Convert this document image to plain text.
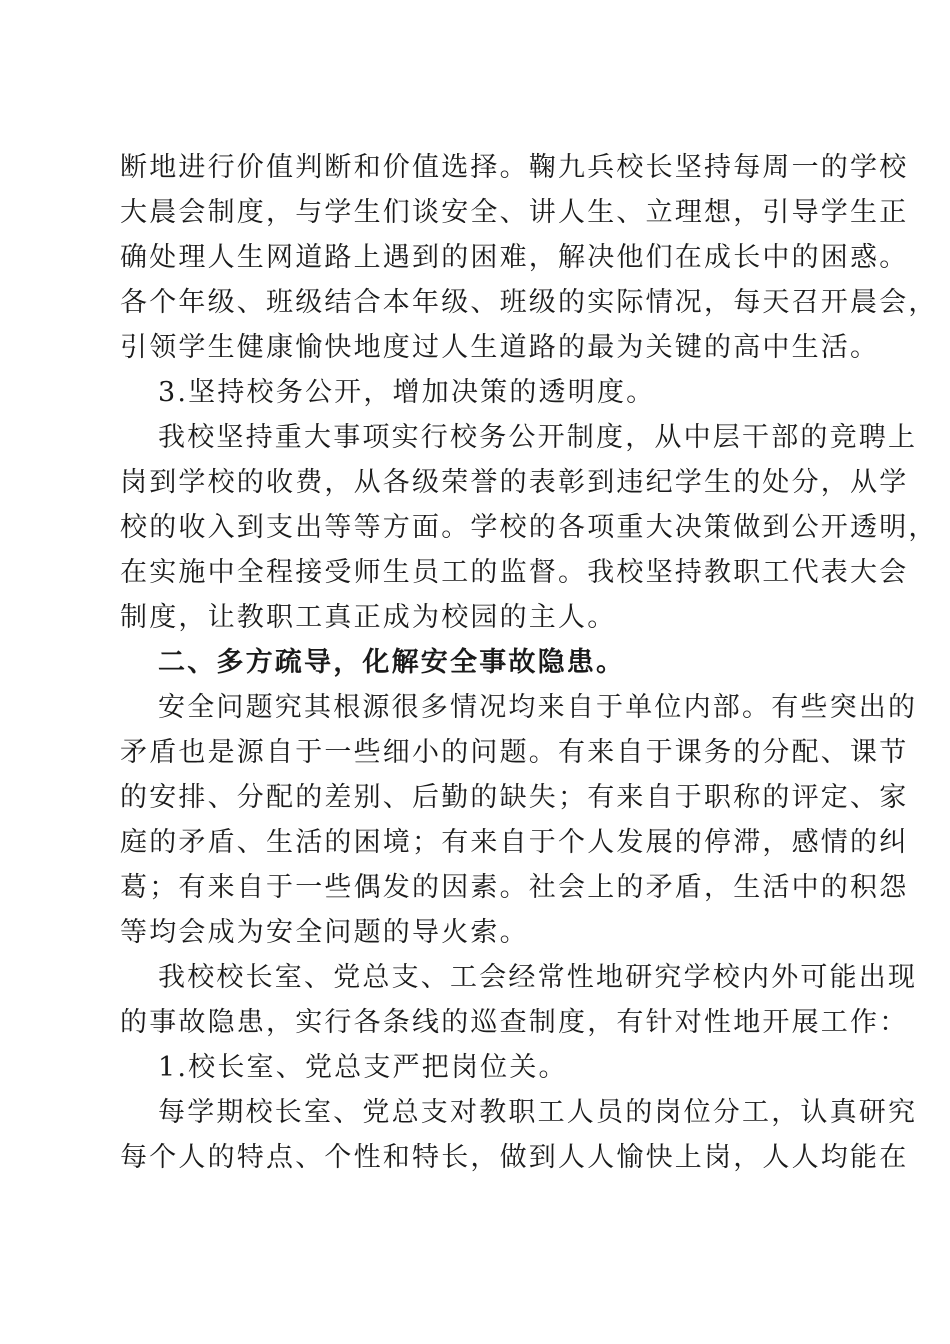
断地进行价值判断和价值选择。鞠九兵校长坚持每周一的学校
大晨会制度，与学生们谈安全、讲人生、立理想，引导学生正
确处理人生网道路上遇到的困难，解决他们在成长中的困惑。
各个年级、班级结合本年级、班级的实际情况，每天召开晨会，
引领学生健康愉快地度过人生道路的最为关键的高中生活。
3.坚持校务公开，增加决策的透明度。
我校坚持重大事项实行校务公开制度，从中层干部的竞聘上
岗到学校的收费，从各级荣誉的表彰到违纪学生的处分，从学
校的收入到支出等等方面。学校的各项重大决策做到公开透明，
在实施中全程接受师生员工的监督。我校坚持教职工代表大会
制度，让教职工真正成为校园的主人。
二、多方疏导，化解安全事故隐患。
安全问题究其根源很多情况均来自于单位内部。有些突出的
矛盾也是源自于一些细小的问题。有来自于课务的分配、课节
的安排、分配的差别、后勤的缺失；有来自于职称的评定、家
庭的矛盾、生活的困境；有来自于个人发展的停滞，感情的纠
葛；有来自于一些偶发的因素。社会上的矛盾，生活中的积怨
等均会成为安全问题的导火索。
我校校长室、党总支、工会经常性地研究学校内外可能出现
的事故隐患，实行各条线的巡查制度，有针对性地开展工作：
1.校长室、党总支严把岗位关。
每学期校长室、党总支对教职工人员的岗位分工，认真研究
每个人的特点、个性和特长，做到人人愉快上岗，人人均能在
